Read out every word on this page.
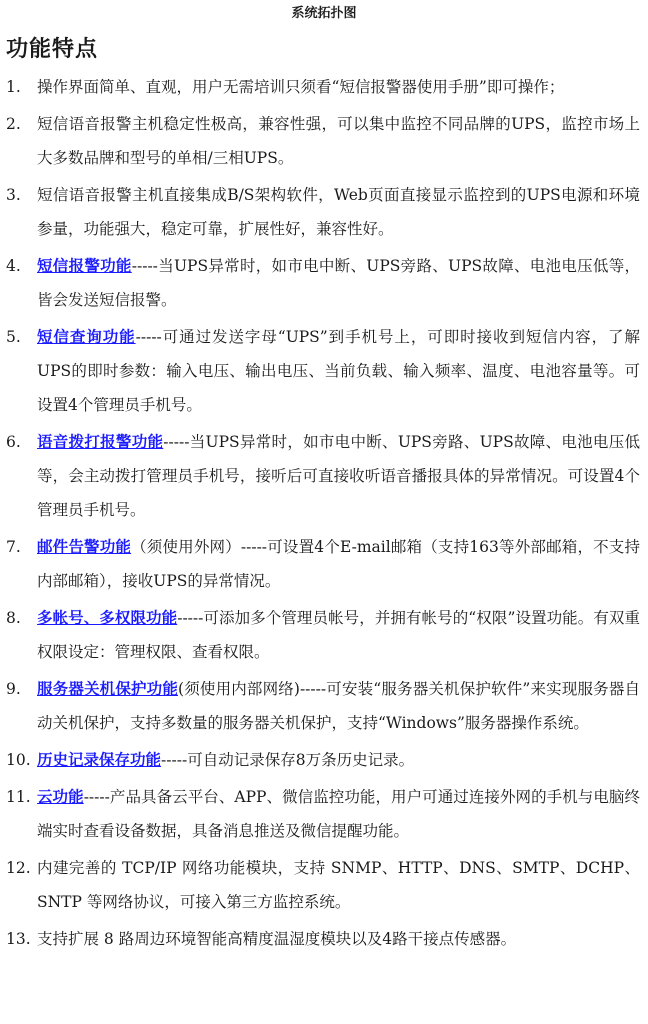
系统拓扑图
功能特点
1. 操作界面简单、直观，用户无需培训只须看“短信报警器使用手册”即可操作；
2. 短信语音报警主机稳定性极高，兼容性强，可以集中监控不同品牌的UPS，监控市场上大多数品牌和型号的单相/三相UPS。
3. 短信语音报警主机直接集成B/S架构软件，Web页面直接显示监控到的UPS电源和环境参量，功能强大，稳定可靠，扩展性好，兼容性好。
4. 短信报警功能-----当UPS异常时，如市电中断、UPS旁路、UPS故障、电池电压低等，皆会发送短信报警。
5. 短信查询功能-----可通过发送字母“UPS”到手机号上，可即时接收到短信内容，了解UPS的即时参数：输入电压、输出电压、当前负载、输入频率、温度、电池容量等。可设置4个管理员手机号。
6. 语音拨打报警功能-----当UPS异常时，如市电中断、UPS旁路、UPS故障、电池电压低等，会主动拨打管理员手机号，接听后可直接收听语音播报具体的异常情况。可设置4个管理员手机号。
7. 邮件告警功能（须使用外网）-----可设置4个E-mail邮箱（支持163等外部邮箱，不支持内部邮箱），接收UPS的异常情况。
8. 多帐号、多权限功能-----可添加多个管理员帐号，并拥有帐号的“权限”设置功能。有双重权限设定：管理权限、查看权限。
9. 服务器关机保护功能(须使用内部网络)-----可安装“服务器关机保护软件”来实现服务器自动关机保护，支持多数量的服务器关机保护，支持“Windows”服务器操作系统。
10. 历史记录保存功能-----可自动记录保存8万条历史记录。
11. 云功能-----产品具备云平台、APP、微信监控功能，用户可通过连接外网的手机与电脑终端实时查看设备数据，具备消息推送及微信提醒功能。
12. 内建完善的 TCP/IP 网络功能模块，支持 SNMP、HTTP、DNS、SMTP、DCHP、SNTP 等网络协议，可接入第三方监控系统。
13. 支持扩展 8 路周边环境智能高精度温湿度模块以及4路干接点传感器。
